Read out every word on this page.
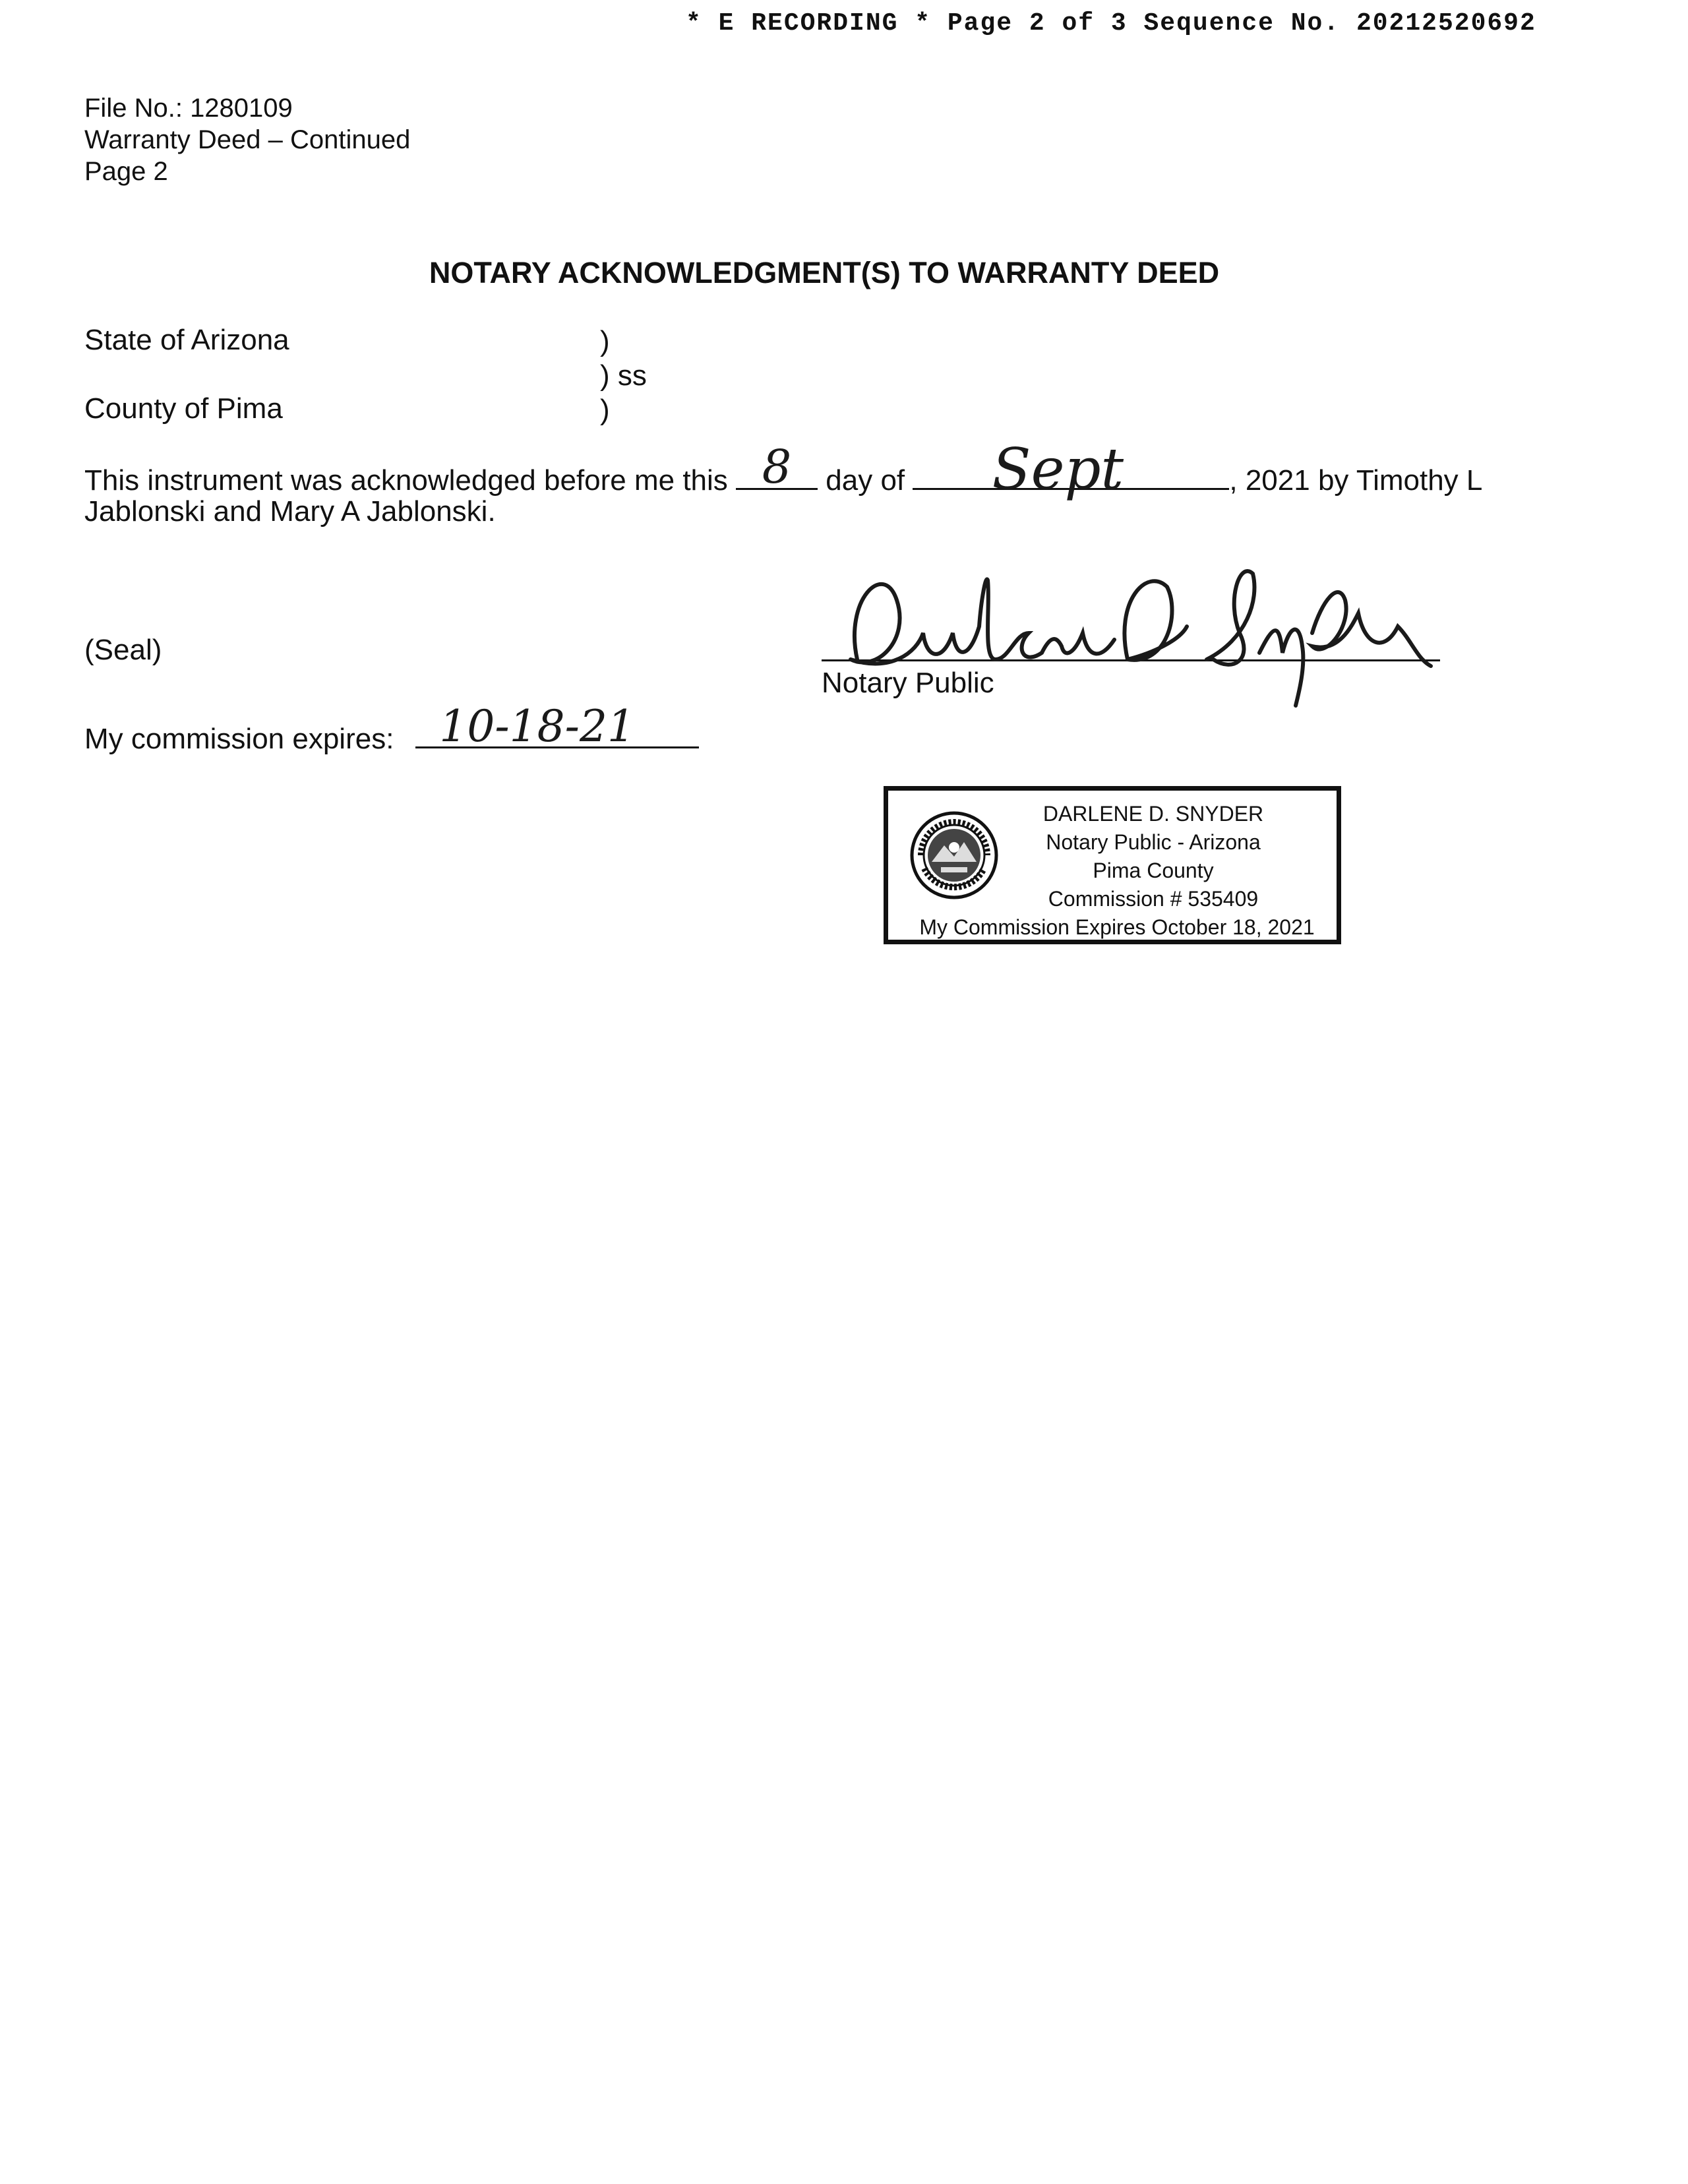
* E RECORDING * Page 2 of 3 Sequence No. 20212520692
File No.: 1280109
Warranty Deed – Continued
Page 2
NOTARY ACKNOWLEDGMENT(S) TO WARRANTY DEED
State of Arizona
County of Pima
)
) ss
)
This instrument was acknowledged before me this 8	day of	Sept	, 2021 by Timothy L
Jablonski and Mary A Jablonski.
(Seal)
Darlene D Snyder
Notary Public
My commission expires:	10-18-21
GREAT SEAL OF THE STATE OF ARIZONA 1912	DARLENE D. SNYDER
Notary Public - Arizona
Pima County
Commission # 535409
My Commission Expires October 18, 2021
